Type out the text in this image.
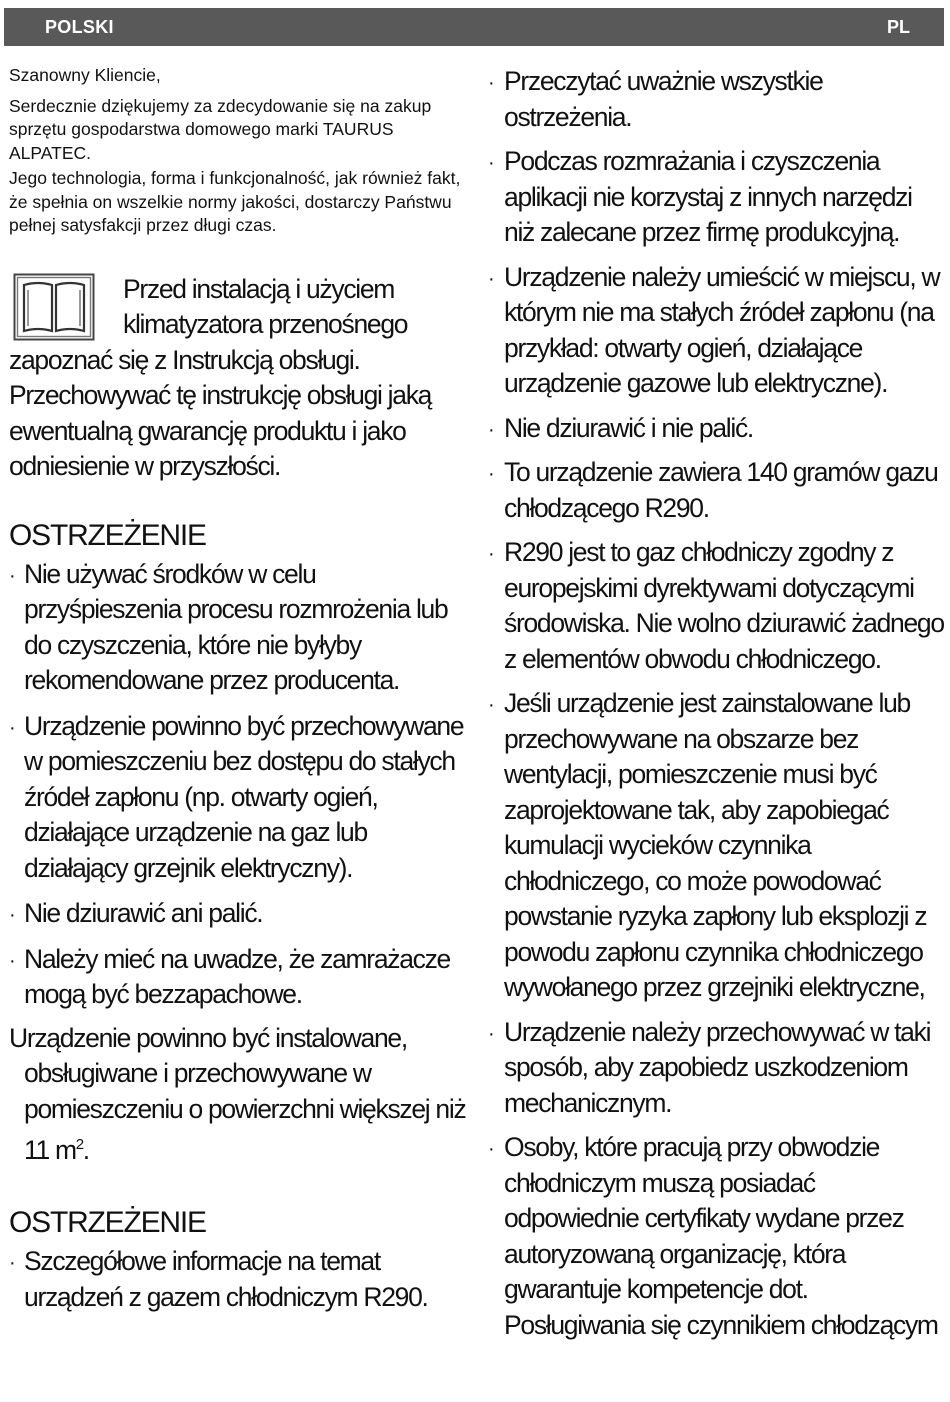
POLSKI	PL

Szanowny Kliencie,

Serdecznie dziękujemy za zdecydowanie się na zakup sprzętu gospodarstwa domowego marki TAURUS ALPATEC.

Jego technologia, forma i funkcjonalność, jak również fakt, że spełnia on wszelkie normy jakości, dostarczy Państwu pełnej satysfakcji przez długi czas.

Przed instalacją i użyciem
klimatyzatora przenośnego
zapoznać się z Instrukcją obsługi. Przechowywać tę instrukcję obsługi jaką ewentualną gwarancję produktu i jako odniesienie w przyszłości.
OSTRZEŻENIE
· Nie używać środków w celu przyśpieszenia procesu rozmrożenia lub do czyszczenia, które nie byłyby rekomendowane przez producenta.
· Urządzenie powinno być przechowywane w pomieszczeniu bez dostępu do stałych źródeł zapłonu (np. otwarty ogień, działające urządzenie na gaz lub działający grzejnik elektryczny).
· Nie dziurawić ani palić.
· Należy mieć na uwadze, że zamrażacze mogą być bezzapachowe.
Urządzenie powinno być instalowane,
obsługiwane i przechowywane w pomieszczeniu o powierzchni większej niż 11 $m^2$.
OSTRZEŻENIE
· Szczegółowe informacje na temat urządzeń z gazem chłodniczym R290.
· Przeczytać uważnie wszystkie ostrzeżenia.
· Podczas rozmrażania i czyszczenia aplikacji nie korzystaj z innych narzędzi niż zalecane przez firmę produkcyjną.
· Urządzenie należy umieścić w miejscu, w którym nie ma stałych źródeł zapłonu (na przykład: otwarty ogień, działające urządzenie gazowe lub elektryczne).
· Nie dziurawić i nie palić.
· To urządzenie zawiera 140 gramów gazu chłodzącego R290.
· R290 jest to gaz chłodniczy zgodny z europejskimi dyrektywami dotyczącymi środowiska. Nie wolno dziurawić żadnego z elementów obwodu chłodniczego.
· Jeśli urządzenie jest zainstalowane lub przechowywane na obszarze bez wentylacji, pomieszczenie musi być zaprojektowane tak, aby zapobiegać kumulacji wycieków czynnika chłodniczego, co może powodować powstanie ryzyka zapłony lub eksplozji z powodu zapłonu czynnika chłodniczego wywołanego przez grzejniki elektryczne,
· Urządzenie należy przechowywać w taki sposób, aby zapobiedz uszkodzeniom mechanicznym.
· Osoby, które pracują przy obwodzie chłodniczym muszą posiadać odpowiednie certyfikaty wydane przez autoryzowaną organizację, która gwarantuje kompetencje dot. Posługiwania się czynnikiem chłodzącym
